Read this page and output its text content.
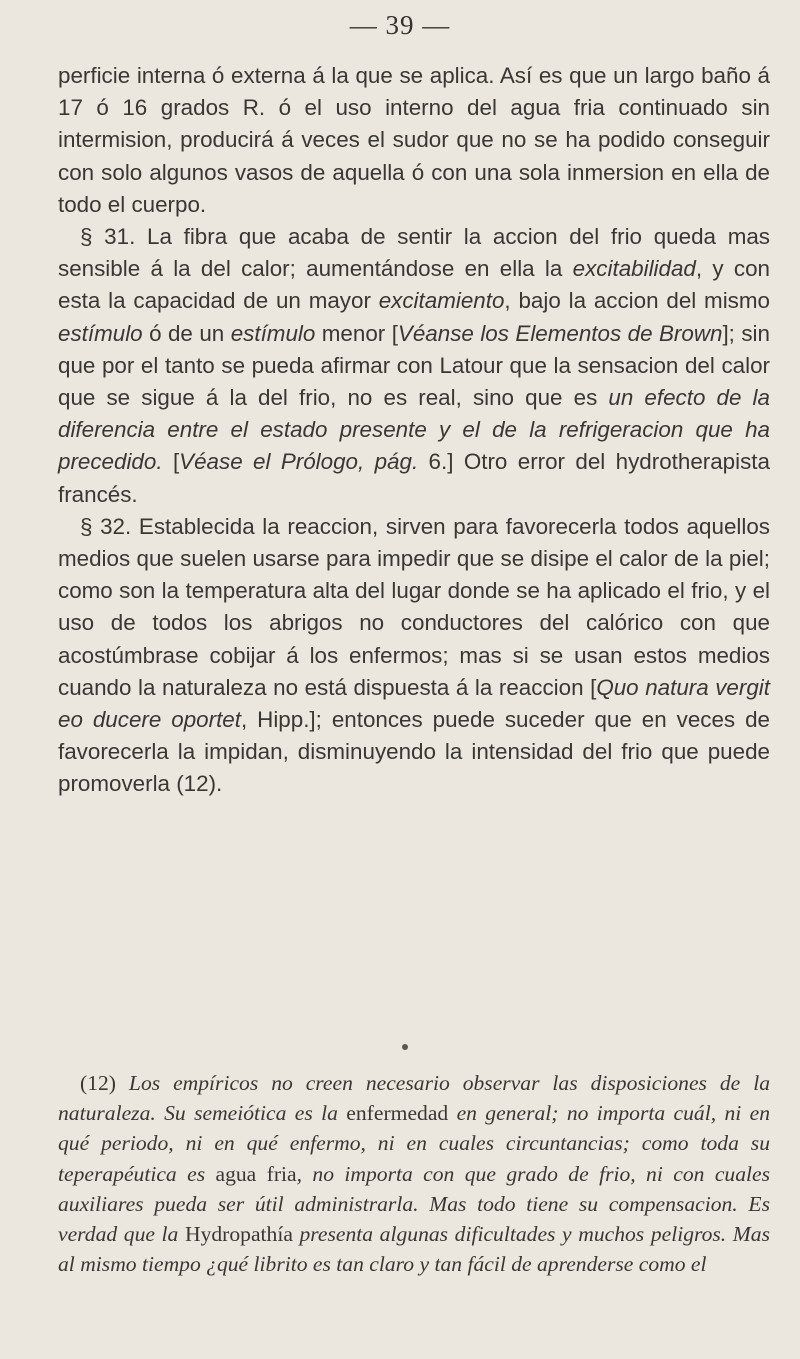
— 39 —

perficie interna ó externa á la que se aplica. Así es que un largo baño á 17 ó 16 grados R. ó el uso interno del agua fria continuado sin intermision, producirá á veces el sudor que no se ha podido conseguir con solo algunos vasos de aquella ó con una sola inmersion en ella de todo el cuerpo.

§ 31. La fibra que acaba de sentir la accion del frio queda mas sensible á la del calor; aumentándose en ella la excitabilidad, y con esta la capacidad de un mayor excitamiento, bajo la accion del mismo estímulo ó de un estímulo menor [Véanse los Elementos de Brown]; sin que por el tanto se pueda afirmar con Latour que la sensacion del calor que se sigue á la del frio, no es real, sino que es un efecto de la diferencia entre el estado presente y el de la refrigeracion que ha precedido. [Véase el Prólogo, pág. 6.] Otro error del hydrotherapista francés.

§ 32. Establecida la reaccion, sirven para favorecerla todos aquellos medios que suelen usarse para impedir que se disipe el calor de la piel; como son la temperatura alta del lugar donde se ha aplicado el frio, y el uso de todos los abrigos no conductores del calórico con que acostúmbrase cobijar á los enfermos; mas si se usan estos medios cuando la naturaleza no está dispuesta á la reaccion [Quo natura vergit eo ducere oportet, Hipp.]; entonces puede suceder que en veces de favorecerla la impidan, disminuyendo la intensidad del frio que puede promoverla (12).

(12) Los empíricos no creen necesario observar las disposiciones de la naturaleza. Su semeiótica es la enfermedad en general; no importa cuál, ni en qué periodo, ni en qué enfermo, ni en cuales circuntancias; como toda su teperapéutica es agua fria, no importa con que grado de frio, ni con cuales auxiliares pueda ser útil administrarla. Mas todo tiene su compensacion. Es verdad que la Hydropathía presenta algunas dificultades y muchos peligros. Mas al mismo tiempo ¿qué librito es tan claro y tan fácil de aprenderse como el
